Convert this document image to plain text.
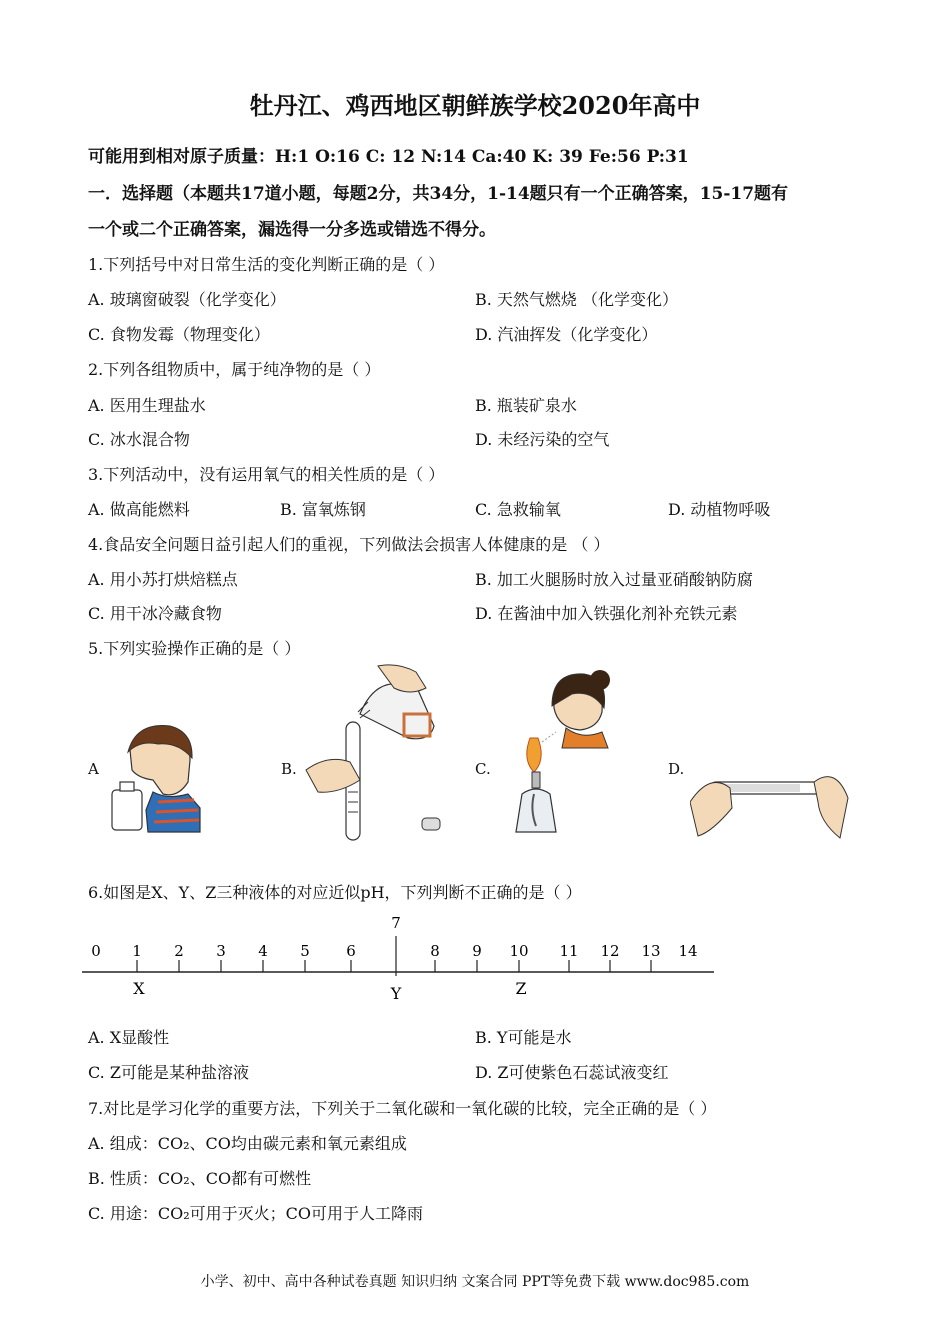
牡丹江、鸡西地区朝鲜族学校2020年高中
可能用到相对原子质量：H:1 O:16 C: 12 N:14 Ca:40 K: 39 Fe:56 P:31
一．选择题（本题共17道小题，每题2分，共34分，1-14题只有一个正确答案，15-17题有
一个或二个正确答案，漏选得一分多选或错选不得分。
1.下列括号中对日常生活的变化判断正确的是（ ）
A. 玻璃窗破裂（化学变化）	B. 天然气燃烧 （化学变化）
C. 食物发霉（物理变化）	D. 汽油挥发（化学变化）
2.下列各组物质中，属于纯净物的是（ ）
A. 医用生理盐水	B. 瓶装矿泉水
C. 冰水混合物	D. 未经污染的空气
3.下列活动中，没有运用氧气的相关性质的是（ ）
A. 做高能燃料	B. 富氧炼钢	C. 急救输氧	D. 动植物呼吸
4.食品安全问题日益引起人们的重视，下列做法会损害人体健康的是 （ ）
A. 用小苏打烘焙糕点	B. 加工火腿肠时放入过量亚硝酸钠防腐
C. 用干冰冷藏食物	D. 在酱油中加入铁强化剂补充铁元素
5.下列实验操作正确的是（ ）
A	B.	C.	D.
6.如图是X、Y、Z三种液体的对应近似pH，下列判断不正确的是（ ）
0 1 2 3 4 5 6
7
8 9 10 11 12 13 14
X	Y	Z
A. X显酸性	B. Y可能是水
C. Z可能是某种盐溶液	D. Z可使紫色石蕊试液变红
7.对比是学习化学的重要方法，下列关于二氧化碳和一氧化碳的比较，完全正确的是（ ）
A. 组成：CO₂、CO均由碳元素和氧元素组成
B. 性质：CO₂、CO都有可燃性
C. 用途：CO₂可用于灭火；CO可用于人工降雨
小学、初中、高中各种试卷真题 知识归纳 文案合同 PPT等免费下载 www.doc985.com
